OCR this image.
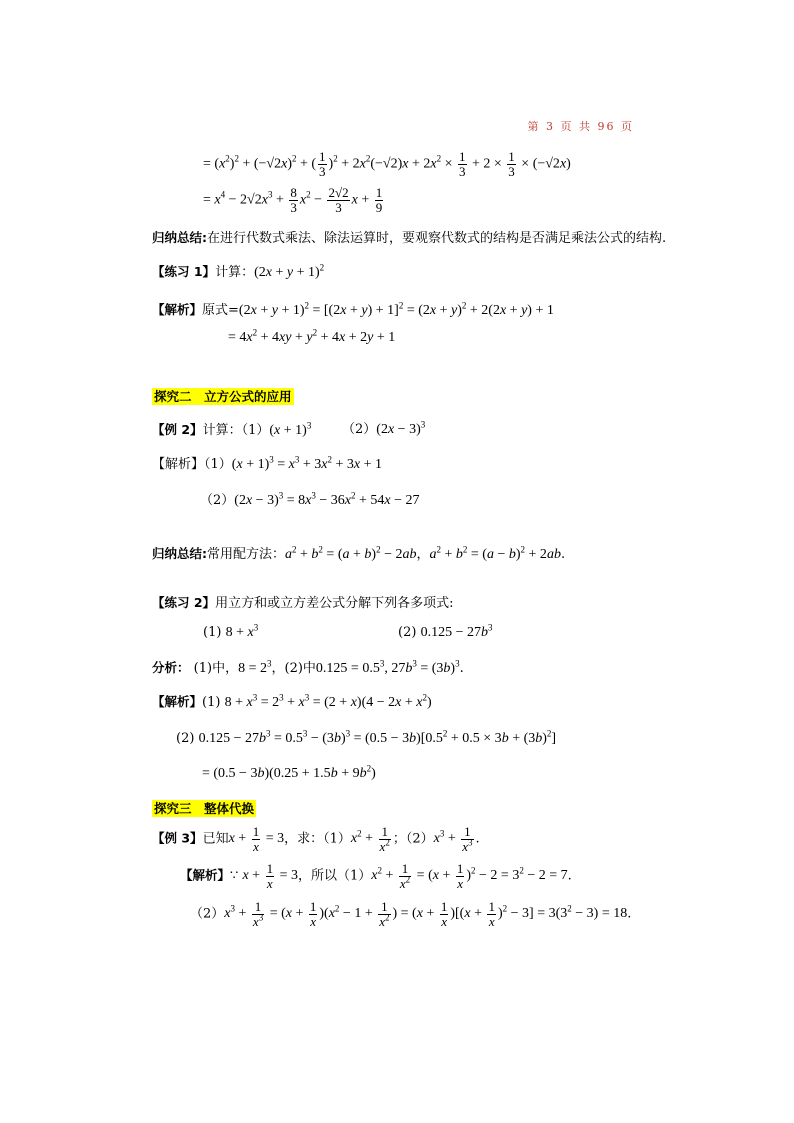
第 3 页 共 96 页
= $(x^2)^2 + (-√2x)^2$ + ( $\frac{1}{3} )^2 + 2x^2(-√2)x + 2x^2 \times \frac{1}{3} + 2 \times \frac{1}{3} \times (-√2x)$
= $x^4 - 2√2x^3 + \frac{8}{3} x^2 - \frac{2√2}{3}$ $x + \frac{1}{9}$
归纳总结:在进行代数式乘法、除法运算时，要观察代数式的结构是否满足乘法公式的结构.
【练习 1】计算：$(2x + y + 1)^2$
【解析】原式$=(2x + y + 1)^2 = [(2x + y) + 1]^2 = (2x + y)^2 + 2(2x + y) + 1$
= $4x^2 + 4xy + y^2 + 4x + 2y + 1$
探究二　立方公式的应用
【例 2】计算：$(1)(x + 1)^3$ $(2)(2x - 3)^3$
【解析】$(1)(x + 1)^3 = x^3 + 3x^2 + 3x + 1$
$(2)(2x - 3)^3 = 8x^3 - 36x^2 + 54x - 27$
归纳总结:常用配方法：$a^2 + b^2 = (a + b)^2 - 2ab$，$a^2 + b^2 = (a - b)^2 + 2ab$.
【练习 2】用立方和或立方差公式分解下列各多项式:
(1) $8 + x^3$	(2) $0.125 - 27b^3$
分析： (1)中，$8 = 2^3$，(2)中$0.125 = 0.5^3$, $27b^3 = (3b)^3$.
【解析】(1) $8 + x^3 = 2^3 + x^3 = (2 + x)(4 - 2x + x^2)$
(2) $0.125 - 27b^3 = 0.5^3 - (3b)^3 = (0.5 - 3b)[0.5^2 + 0.5 \times 3b + (3b)^2]$
= $(0.5 - 3b)(0.25 + 1.5b + 9b^2)$
探究三　整体代换
【例 3】已知$x + \frac{1}{x} = 3$，求：$(1)x^2 + \frac{1}{x^2}$ ；$(2)x^3 + \frac{1}{x^3}$ .
【解析】∵ $x + \frac{1}{x} = 3$，所以$(1)x^2 + \frac{1}{x^2} = (x + \frac{1}{x} )^2 - 2 = 3^2 - 2 = 7$.
$(2)x^3 + \frac{1}{x^3} = (x + \frac{1}{x} )(x^2 - 1 + \frac{1}{x^2}$ ) = $(x + \frac{1}{x} )[(x + \frac{1}{x} )^2 - 3] = 3(3^2 - 3) = 18$.
